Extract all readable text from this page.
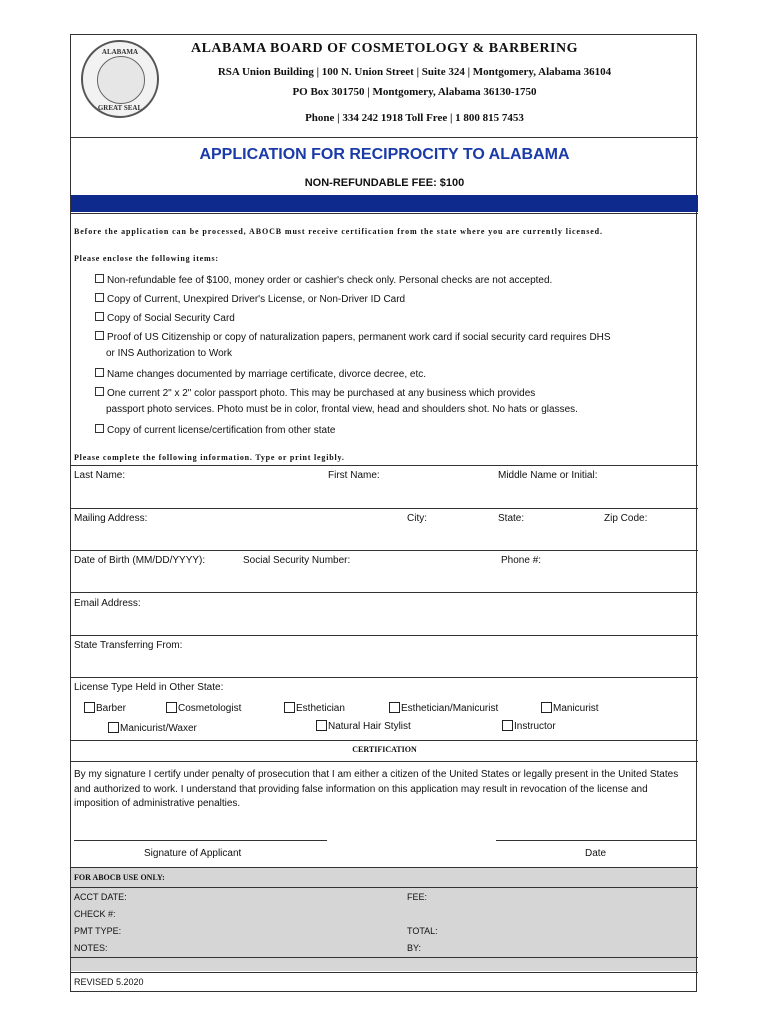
ALABAMA
GREAT SEAL
ALABAMA BOARD OF COSMETOLOGY & BARBERING
RSA Union Building | 100 N. Union Street | Suite 324 | Montgomery, Alabama 36104
PO Box 301750 | Montgomery, Alabama 36130-1750
Phone | 334 242 1918 Toll Free | 1 800 815 7453
APPLICATION FOR RECIPROCITY TO ALABAMA
NON-REFUNDABLE FEE: $100
Before the application can be processed, ABOCB must receive certification from the state where you are currently licensed.
Please enclose the following items:
Non-refundable fee of $100, money order or cashier's check only. Personal checks are not accepted.
Copy of Current, Unexpired Driver's License, or Non-Driver ID Card
Copy of Social Security Card
Proof of US Citizenship or copy of naturalization papers, permanent work card if social security card requires DHS
or INS Authorization to Work
Name changes documented by marriage certificate, divorce decree, etc.
One current 2" x 2" color passport photo. This may be purchased at any business which provides
passport photo services. Photo must be in color, frontal view, head and shoulders shot. No hats or glasses.
Copy of current license/certification from other state
Please complete the following information. Type or print legibly.
Last Name:	First Name:	Middle Name or Initial:
Mailing Address:	City:	State:	Zip Code:
Date of Birth (MM/DD/YYYY):	Social Security Number:	Phone #:
Email Address:
State Transferring From:
License Type Held in Other State:
Barber	Cosmetologist	Esthetician	Esthetician/Manicurist	Manicurist
Manicurist/Waxer	Natural Hair Stylist	Instructor
CERTIFICATION
By my signature I certify under penalty of prosecution that I am either a citizen of the United States or legally present in the United States and authorized to work. I understand that providing false information on this application may result in revocation of the license and imposition of administrative penalties.
Signature of Applicant	Date
FOR ABOCB USE ONLY:
ACCT DATE:	FEE:
CHECK #:
PMT TYPE:	TOTAL:
NOTES:	BY:
REVISED 5.2020
